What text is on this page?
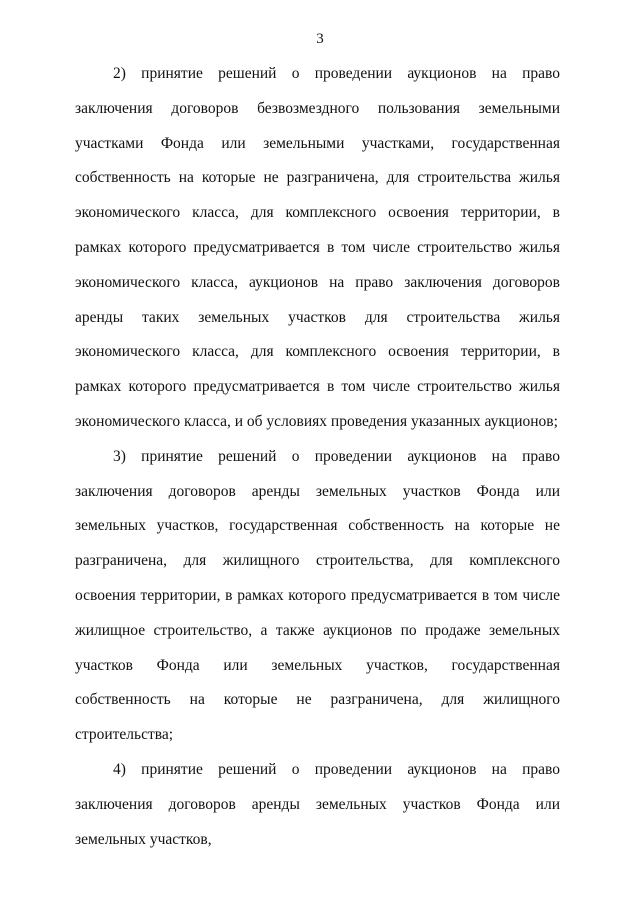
3

2) принятие решений о проведении аукционов на право заключения договоров безвозмездного пользования земельными участками Фонда или земельными участками, государственная собственность на которые не разграничена, для строительства жилья экономического класса, для комплексного освоения территории, в рамках которого предусматривается в том числе строительство жилья экономического класса, аукционов на право заключения договоров аренды таких земельных участков для строительства жилья экономического класса, для комплексного освоения территории, в рамках которого предусматривается в том числе строительство жилья экономического класса, и об условиях проведения указанных аукционов;

3) принятие решений о проведении аукционов на право заключения договоров аренды земельных участков Фонда или земельных участков, государственная собственность на которые не разграничена, для жилищного строительства, для комплексного освоения территории, в рамках которого предусматривается в том числе жилищное строительство, а также аукционов по продаже земельных участков Фонда или земельных участков, государственная собственность на которые не разграничена, для жилищного строительства;

4) принятие решений о проведении аукционов на право заключения договоров аренды земельных участков Фонда или земельных участков,
